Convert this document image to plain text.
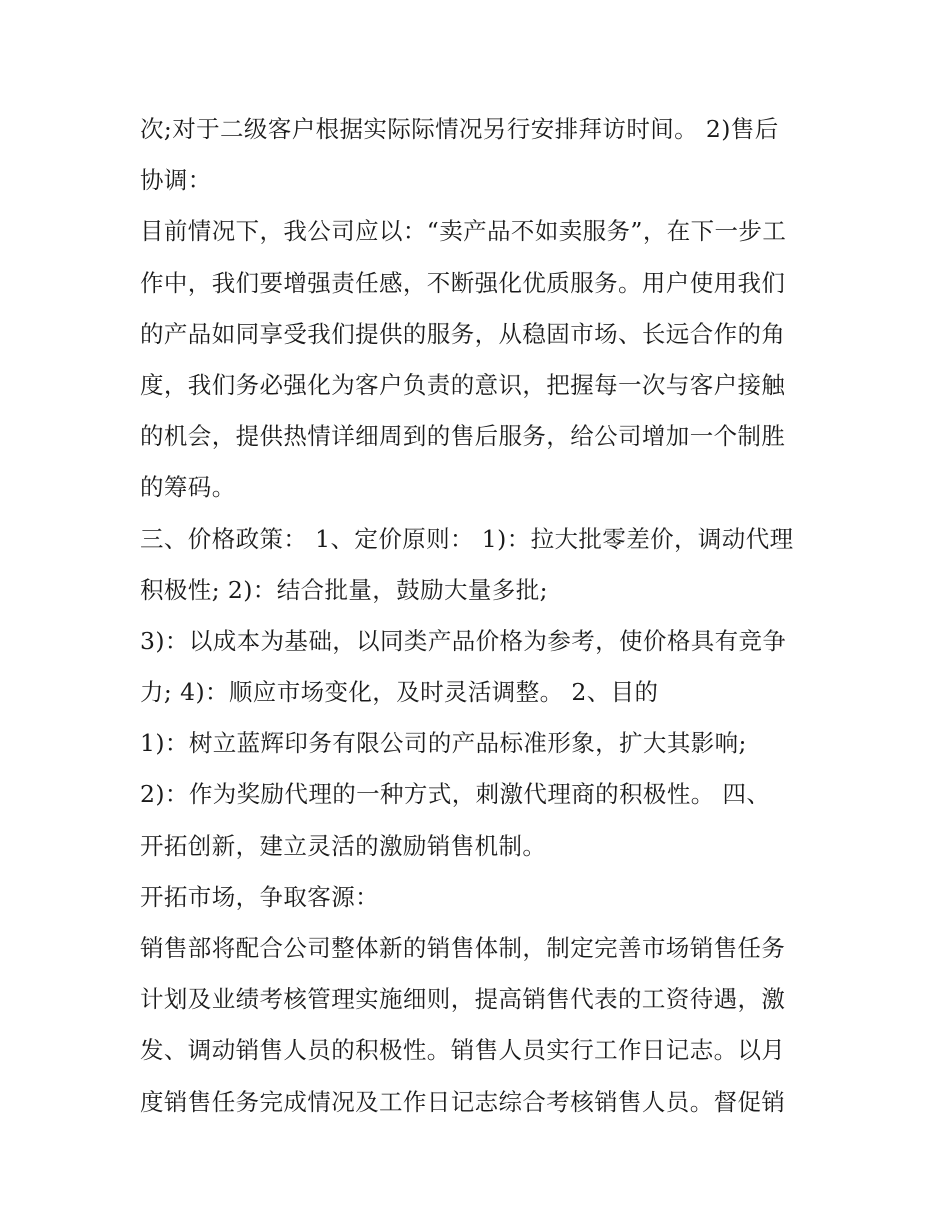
次;对于二级客户根据实际际情况另行安排拜访时间。 2)售后
协调：
目前情况下，我公司应以：“卖产品不如卖服务”，在下一步工
作中，我们要增强责任感，不断强化优质服务。用户使用我们
的产品如同享受我们提供的服务，从稳固市场、长远合作的角
度，我们务必强化为客户负责的意识，把握每一次与客户接触
的机会，提供热情详细周到的售后服务，给公司增加一个制胜
的筹码。
三、价格政策： 1、定价原则： 1)：拉大批零差价，调动代理
积极性; 2)：结合批量，鼓励大量多批;
3)：以成本为基础，以同类产品价格为参考，使价格具有竞争
力; 4)：顺应市场变化，及时灵活调整。 2、目的
1)：树立蓝辉印务有限公司的产品标准形象，扩大其影响;
2)：作为奖励代理的一种方式，刺激代理商的积极性。 四、
开拓创新，建立灵活的激励销售机制。
开拓市场，争取客源：
销售部将配合公司整体新的销售体制，制定完善市场销售任务
计划及业绩考核管理实施细则，提高销售代表的工资待遇，激
发、调动销售人员的积极性。销售人员实行工作日记志。以月
度销售任务完成情况及工作日记志综合考核销售人员。督促销
